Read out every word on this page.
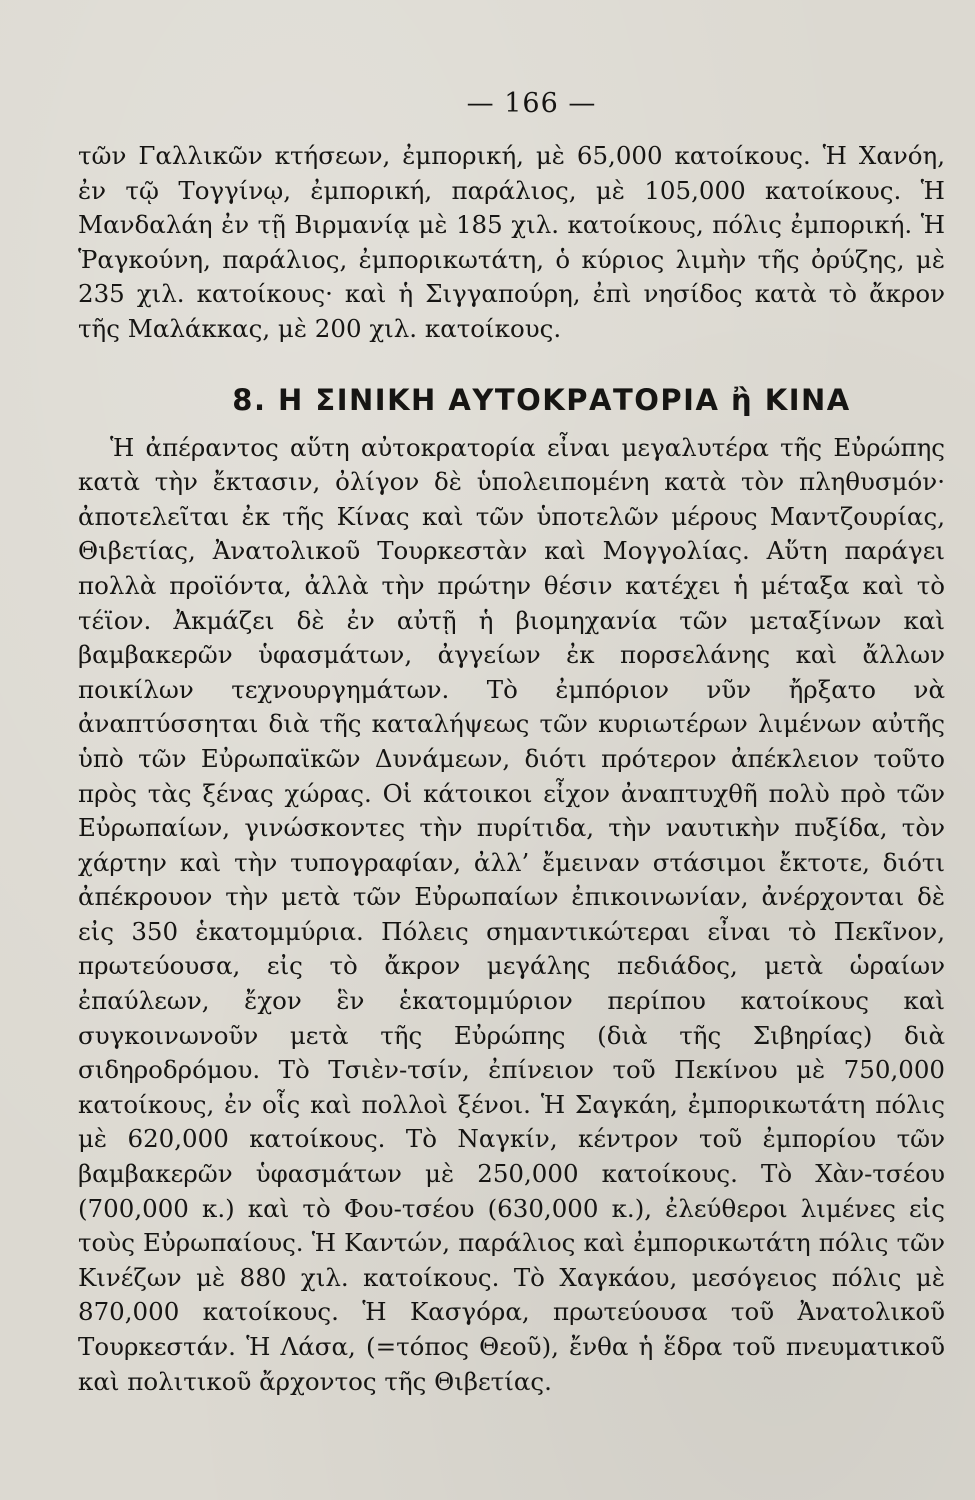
— 166 —

τῶν Γαλλικῶν κτήσεων, ἐμπορική, μὲ 65,000 κατοίκους. Ἡ Χανόη, ἐν τῷ Τογγίνῳ, ἐμπορική, παράλιος, μὲ 105,000 κατοίκους. Ἡ Μανδαλάη ἐν τῇ Βιρμανίᾳ μὲ 185 χιλ. κατοίκους, πόλις ἐμπορική. Ἡ Ῥαγκούνη, παράλιος, ἐμπορικωτάτη, ὁ κύριος λιμὴν τῆς ὀρύζης, μὲ 235 χιλ. κατοίκους· καὶ ἡ Σιγγαπούρη, ἐπὶ νησίδος κατὰ τὸ ἄκρον τῆς Μαλάκκας, μὲ 200 χιλ. κατοίκους.

8. Η ΣΙΝΙΚΗ ΑΥΤΟΚΡΑΤΟΡΙΑ ἢ ΚΙΝΑ

Ἡ ἀπέραντος αὕτη αὐτοκρατορία εἶναι μεγαλυτέρα τῆς Εὐρώπης κατὰ τὴν ἔκτασιν, ὀλίγον δὲ ὑπολειπομένη κατὰ τὸν πληθυσμόν· ἀποτελεῖται ἐκ τῆς Κίνας καὶ τῶν ὑποτελῶν μέρους Μαντζουρίας, Θιβετίας, Ἀνατολικοῦ Τουρκεστὰν καὶ Μογγολίας. Αὕτη παράγει πολλὰ προϊόντα, ἀλλὰ τὴν πρώτην θέσιν κατέχει ἡ μέταξα καὶ τὸ τέϊον. Ἀκμάζει δὲ ἐν αὐτῇ ἡ βιομηχανία τῶν μεταξίνων καὶ βαμβακερῶν ὑφασμάτων, ἀγγείων ἐκ πορσελάνης καὶ ἄλλων ποικίλων τεχνουργημάτων. Τὸ ἐμπόριον νῦν ἤρξατο νὰ ἀναπτύσσηται διὰ τῆς καταλήψεως τῶν κυριωτέρων λιμένων αὐτῆς ὑπὸ τῶν Εὐρωπαϊκῶν Δυνάμεων, διότι πρότερον ἀπέκλειον τοῦτο πρὸς τὰς ξένας χώρας. Οἱ κάτοικοι εἶχον ἀναπτυχθῆ πολὺ πρὸ τῶν Εὐρωπαίων, γινώσκοντες τὴν πυρίτιδα, τὴν ναυτικὴν πυξίδα, τὸν χάρτην καὶ τὴν τυπογραφίαν, ἀλλ’ ἔμειναν στάσιμοι ἔκτοτε, διότι ἀπέκρουον τὴν μετὰ τῶν Εὐρωπαίων ἐπικοινωνίαν, ἀνέρχονται δὲ εἰς 350 ἑκατομμύρια. Πόλεις σημαντικώτεραι εἶναι τὸ Πεκῖνον, πρωτεύουσα, εἰς τὸ ἄκρον μεγάλης πεδιάδος, μετὰ ὡραίων ἐπαύλεων, ἔχον ἓν ἑκατομμύριον περίπου κατοίκους καὶ συγκοινωνοῦν μετὰ τῆς Εὐρώπης (διὰ τῆς Σιβηρίας) διὰ σιδηροδρόμου. Τὸ Τσιὲν-τσίν, ἐπίνειον τοῦ Πεκίνου μὲ 750,000 κατοίκους, ἐν οἷς καὶ πολλοὶ ξένοι. Ἡ Σαγκάη, ἐμπορικωτάτη πόλις μὲ 620,000 κατοίκους. Τὸ Ναγκίν, κέντρον τοῦ ἐμπορίου τῶν βαμβακερῶν ὑφασμάτων μὲ 250,000 κατοίκους. Τὸ Χὰν-τσέου (700,000 κ.) καὶ τὸ Φου-τσέου (630,000 κ.), ἐλεύθεροι λιμένες εἰς τοὺς Εὐρωπαίους. Ἡ Καντών, παράλιος καὶ ἐμπορικωτάτη πόλις τῶν Κινέζων μὲ 880 χιλ. κατοίκους. Τὸ Χαγκάου, μεσόγειος πόλις μὲ 870,000 κατοίκους. Ἡ Κασγόρα, πρωτεύουσα τοῦ Ἀνατολικοῦ Τουρκεστάν. Ἡ Λάσα, (=τόπος Θεοῦ), ἔνθα ἡ ἕδρα τοῦ πνευματικοῦ καὶ πολιτικοῦ ἄρχοντος τῆς Θιβετίας.
